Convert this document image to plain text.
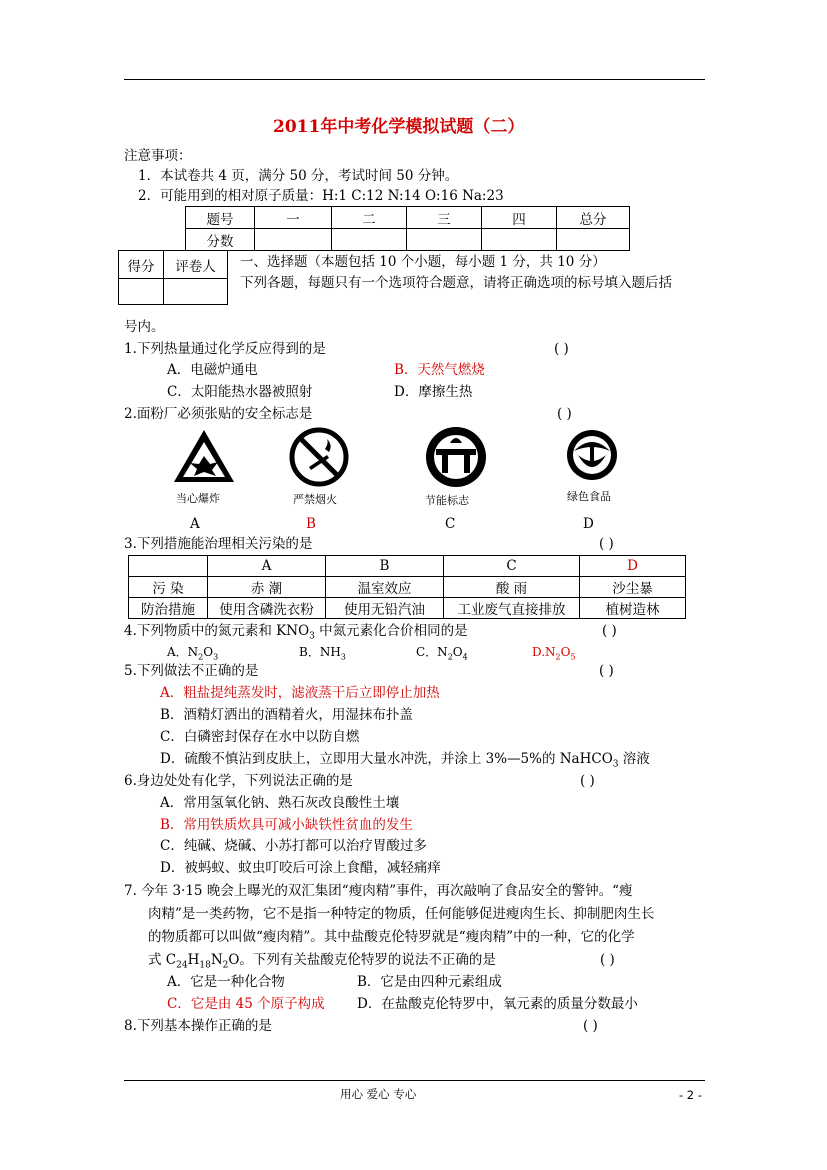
2011年中考化学模拟试题（二）
注意事项：
1．本试卷共 4 页，满分 50 分，考试时间 50 分钟。
2．可能用到的相对原子质量：H:1 C:12 N:14 O:16 Na:23
题号	一	二	三	四	总分
分数					
得分	评卷人
	一、选择题（本题包括 10 个小题，每小题 1 分，共 10 分）
下列各题，每题只有一个选项符合题意，请将正确选项的标号填入题后括
号内。
1.下列热量通过化学反应得到的是	( )
A．电磁炉通电	B．天然气燃烧
C．太阳能热水器被照射	D．摩擦生热
2.面粉厂必须张贴的安全标志是	( )
当心爆炸
A
严禁烟火
B
节能标志
C
绿色食品
D
3.下列措施能治理相关污染的是	( )
	A	B	C	D
污 染	赤 潮	温室效应	酸 雨	沙尘暴
防治措施	使用含磷洗衣粉	使用无铅汽油	工业废气直接排放	植树造林
4.下列物质中的氮元素和 $KNO_3$ 中氮元素化合价相同的是	( )
A．$N_2O_3$	B．$NH_3$	C．$N_2O_4$	$D.N_2O_5$
5.下列做法不正确的是	( )
A．粗盐提纯蒸发时，滤液蒸干后立即停止加热
B．酒精灯洒出的酒精着火，用湿抹布扑盖
C．白磷密封保存在水中以防自燃
D．硫酸不慎沾到皮肤上，立即用大量水冲洗，并涂上 3%—5%的 NaHCO$_3$ 溶液
6.身边处处有化学，下列说法正确的是	( )
A．常用氢氧化钠、熟石灰改良酸性土壤
B．常用铁质炊具可减小缺铁性贫血的发生
C．纯碱、烧碱、小苏打都可以治疗胃酸过多
D．被蚂蚁、蚊虫叮咬后可涂上食醋，减轻痛痒
7. 今年 3·15 晚会上曝光的双汇集团“瘦肉精”事件，再次敲响了食品安全的警钟。“瘦
肉精”是一类药物，它不是指一种特定的物质，任何能够促进瘦肉生长、抑制肥肉生长
的物质都可以叫做“瘦肉精”。其中盐酸克伦特罗就是“瘦肉精”中的一种，它的化学
式 $C_{24}H_{18}N_2O$。下列有关盐酸克伦特罗的说法不正确的是	( )
A．它是一种化合物	B．它是由四种元素组成
C．它是由 45 个原子构成 D．在盐酸克伦特罗中，氧元素的质量分数最小
8.下列基本操作正确的是	( )
用心 爱心 专心	- 2 -
